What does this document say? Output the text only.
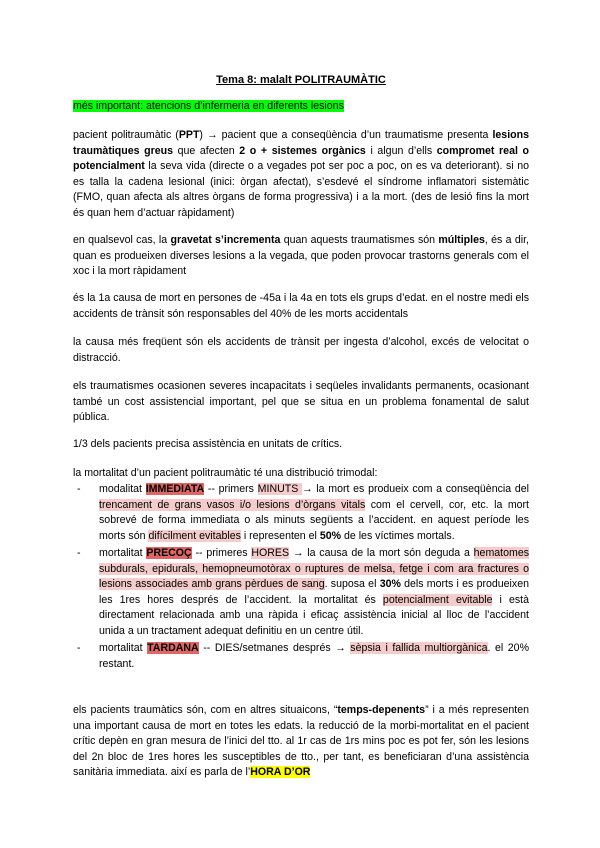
Tema 8: malalt POLITRAUMÀTIC
més important: atencions d’infermeria en diferents lesions
pacient politraumàtic (PPT) → pacient que a conseqüència d’un traumatisme presenta lesions traumàtiques greus que afecten 2 o + sistemes orgànics i algun d’ells compromet real o potencialment la seva vida (directe o a vegades pot ser poc a poc, on es va deteriorant). si no es talla la cadena lesional (inici: òrgan afectat), s’esdevé el síndrome inflamatori sistemàtic (FMO, quan afecta als altres òrgans de forma progressiva) i a la mort. (des de lesió fins la mort és quan hem d’actuar ràpidament)
en qualsevol cas, la gravetat s’incrementa quan aquests traumatismes són múltiples, és a dir, quan es produeixen diverses lesions a la vegada, que poden provocar trastorns generals com el xoc i la mort ràpidament
és la 1a causa de mort en persones de -45a i la 4a en tots els grups d’edat. en el nostre medi els accidents de trànsit són responsables del 40% de les morts accidentals
la causa més freqüent són els accidents de trànsit per ingesta d’alcohol, excés de velocitat o distracció.
els traumatismes ocasionen severes incapacitats i seqüeles invalidants permanents, ocasionant també un cost assistencial important, pel que se situa en un problema fonamental de salut pública.
1/3 dels pacients precisa assistència en unitats de crítics.
la mortalitat d’un pacient politraumàtic té una distribució trimodal:
- modalitat IMMEDIATA -- primers MINUTS → la mort es produeix com a conseqüència del trencament de grans vasos i/o lesions d’òrgans vitals com el cervell, cor, etc. la mort sobrevé de forma immediata o als minuts següents a l’accident. en aquest període les morts són difícilment evitables i representen el 50% de les víctimes mortals.
- mortalitat PRECOÇ -- primeres HORES → la causa de la mort són deguda a hematomes subdurals, epidurals, hemopneumotòrax o ruptures de melsa, fetge i com ara fractures o lesions associades amb grans pèrdues de sang. suposa el 30% dels morts i es produeixen les 1res hores després de l’accident. la mortalitat és potencialment evitable i està directament relacionada amb una ràpida i eficaç assistència inicial al lloc de l’accident unida a un tractament adequat definitiu en un centre útil.
- mortalitat TARDANA -- DIES/setmanes després → sèpsia i fallida multiorgànica. el 20% restant.
els pacients traumàtics són, com en altres situaicons, “temps-depenents” i a més representen una important causa de mort en totes les edats. la reducció de la morbi-mortalitat en el pacient crític depèn en gran mesura de l’inici del tto. al 1r cas de 1rs mins poc es pot fer, són les lesions del 2n bloc de 1res hores les susceptibles de tto., per tant, es beneficiaran d’una assistència sanitària immediata. així es parla de l’HORA D’OR
